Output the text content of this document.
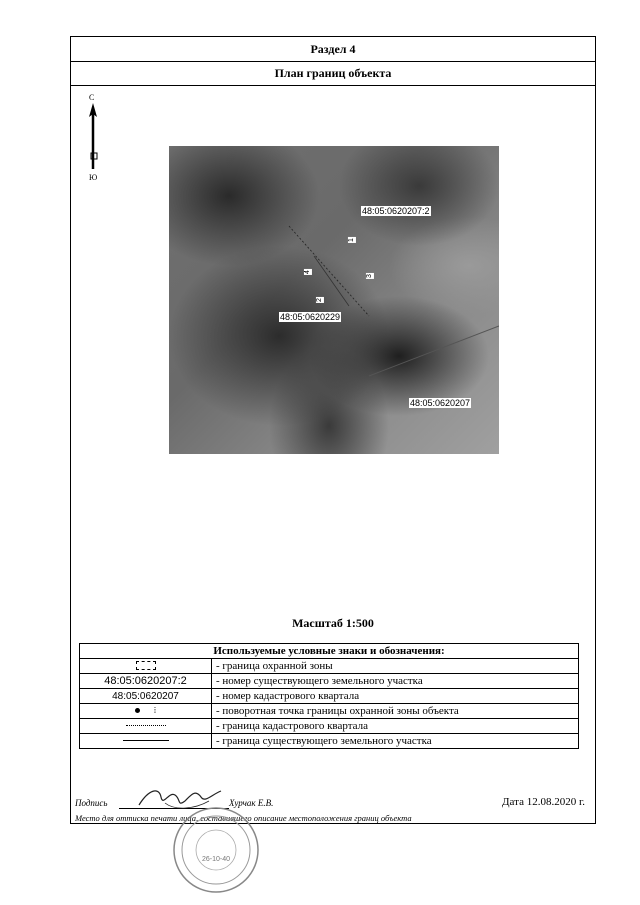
Раздел 4
План границ объекта
С
Ю
48:05:0620207:2
48:05:0620229
48:05:0620207
1
4
3
2
Масштаб 1:500
Используемые условные знаки и обозначения:	
	- граница охранной зоны
48:05:0620207:2	- номер существующего земельного участка
48:05:0620207	- номер кадастрового квартала
⁞	- поворотная точка границы охранной зоны объекта
	- граница кадастрового квартала
	- граница существующего земельного участка
Подпись	Хурчак Е.В.	Дата 12.08.2020 г.
Место для оттиска печати лица, составившего описание местоположения границ объекта
26-10-40
